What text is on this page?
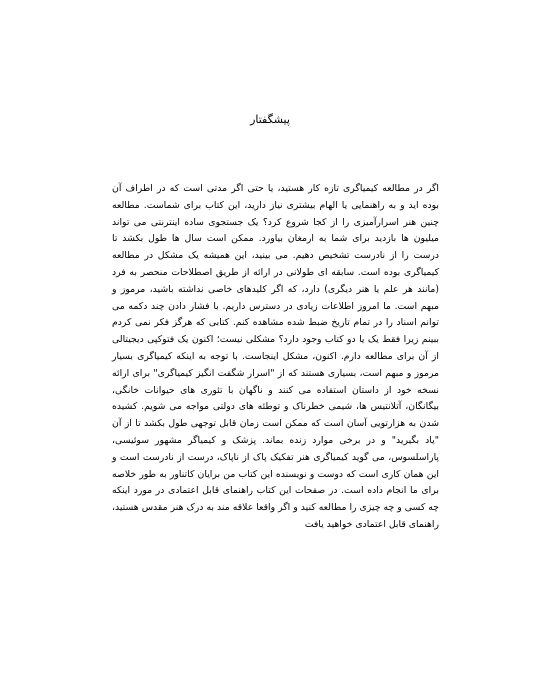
پیشگفتار

اگر در مطالعه کیمیاگری تازه کار هستید، یا حتی اگر مدتی است که در اطراف آن بوده اید و به راهنمایی یا الهام بیشتری نیاز دارید، این کتاب برای شماست. مطالعه چنین هنر اسرارآمیزی را از کجا شروع کرد؟ یک جستجوی ساده اینترنتی می تواند میلیون ها بازدید برای شما به ارمغان بیاورد. ممکن است سال ها طول بکشد تا درست را از نادرست تشخیص دهیم. می بینید، این همیشه یک مشکل در مطالعه کیمیاگری بوده است. سابقه ای طولانی در ارائه از طریق اصطلاحات منحصر به فرد (مانند هر علم یا هنر دیگری) دارد، که اگر کلیدهای خاصی نداشته باشید، مرموز و مبهم است. ما امروز اطلاعات زیادی در دسترس داریم. با فشار دادن چند دکمه می توانم اسناد را در تمام تاریخ ضبط شده مشاهده کنم. کتابی که هرگز فکر نمی کردم ببینم زیرا فقط یک یا دو کتاب وجود دارد؟ مشکلی نیست؛ اکنون یک فتوکپی دیجیتالی از آن برای مطالعه دارم. اکنون، مشکل اینجاست. با توجه به اینکه کیمیاگری بسیار مرموز و مبهم است، بسیاری هستند که از "اسرار شگفت انگیز کیمیاگری" برای ارائه نسخه خود از داستان استفاده می کنند و ناگهان با تئوری های حیوانات خانگی، بیگانگان، آتلانتیس ها، شیمی خطرناک و توطئه های دولتی مواجه می شویم. کشیده شدن به هزارتویی آسان است که ممکن است زمان قابل توجهی طول بکشد تا از آن "یاد بگیرید" و در برخی موارد زنده بماند. پزشک و کیمیاگر مشهور سوئیسی، پاراسلسوس، می گوید کیمیاگری هنر تفکیک پاک از ناپاک، درست از نادرست است و این همان کاری است که دوست و نویسنده این کتاب من برایان کاتناور به طور خلاصه برای ما انجام داده است. در صفحات این کتاب راهنمای قابل اعتمادی در مورد اینکه چه کسی و چه چیزی را مطالعه کنید و اگر واقعا علاقه مند به درک هنر مقدس هستید، راهنمای قابل اعتمادی خواهید یافت
